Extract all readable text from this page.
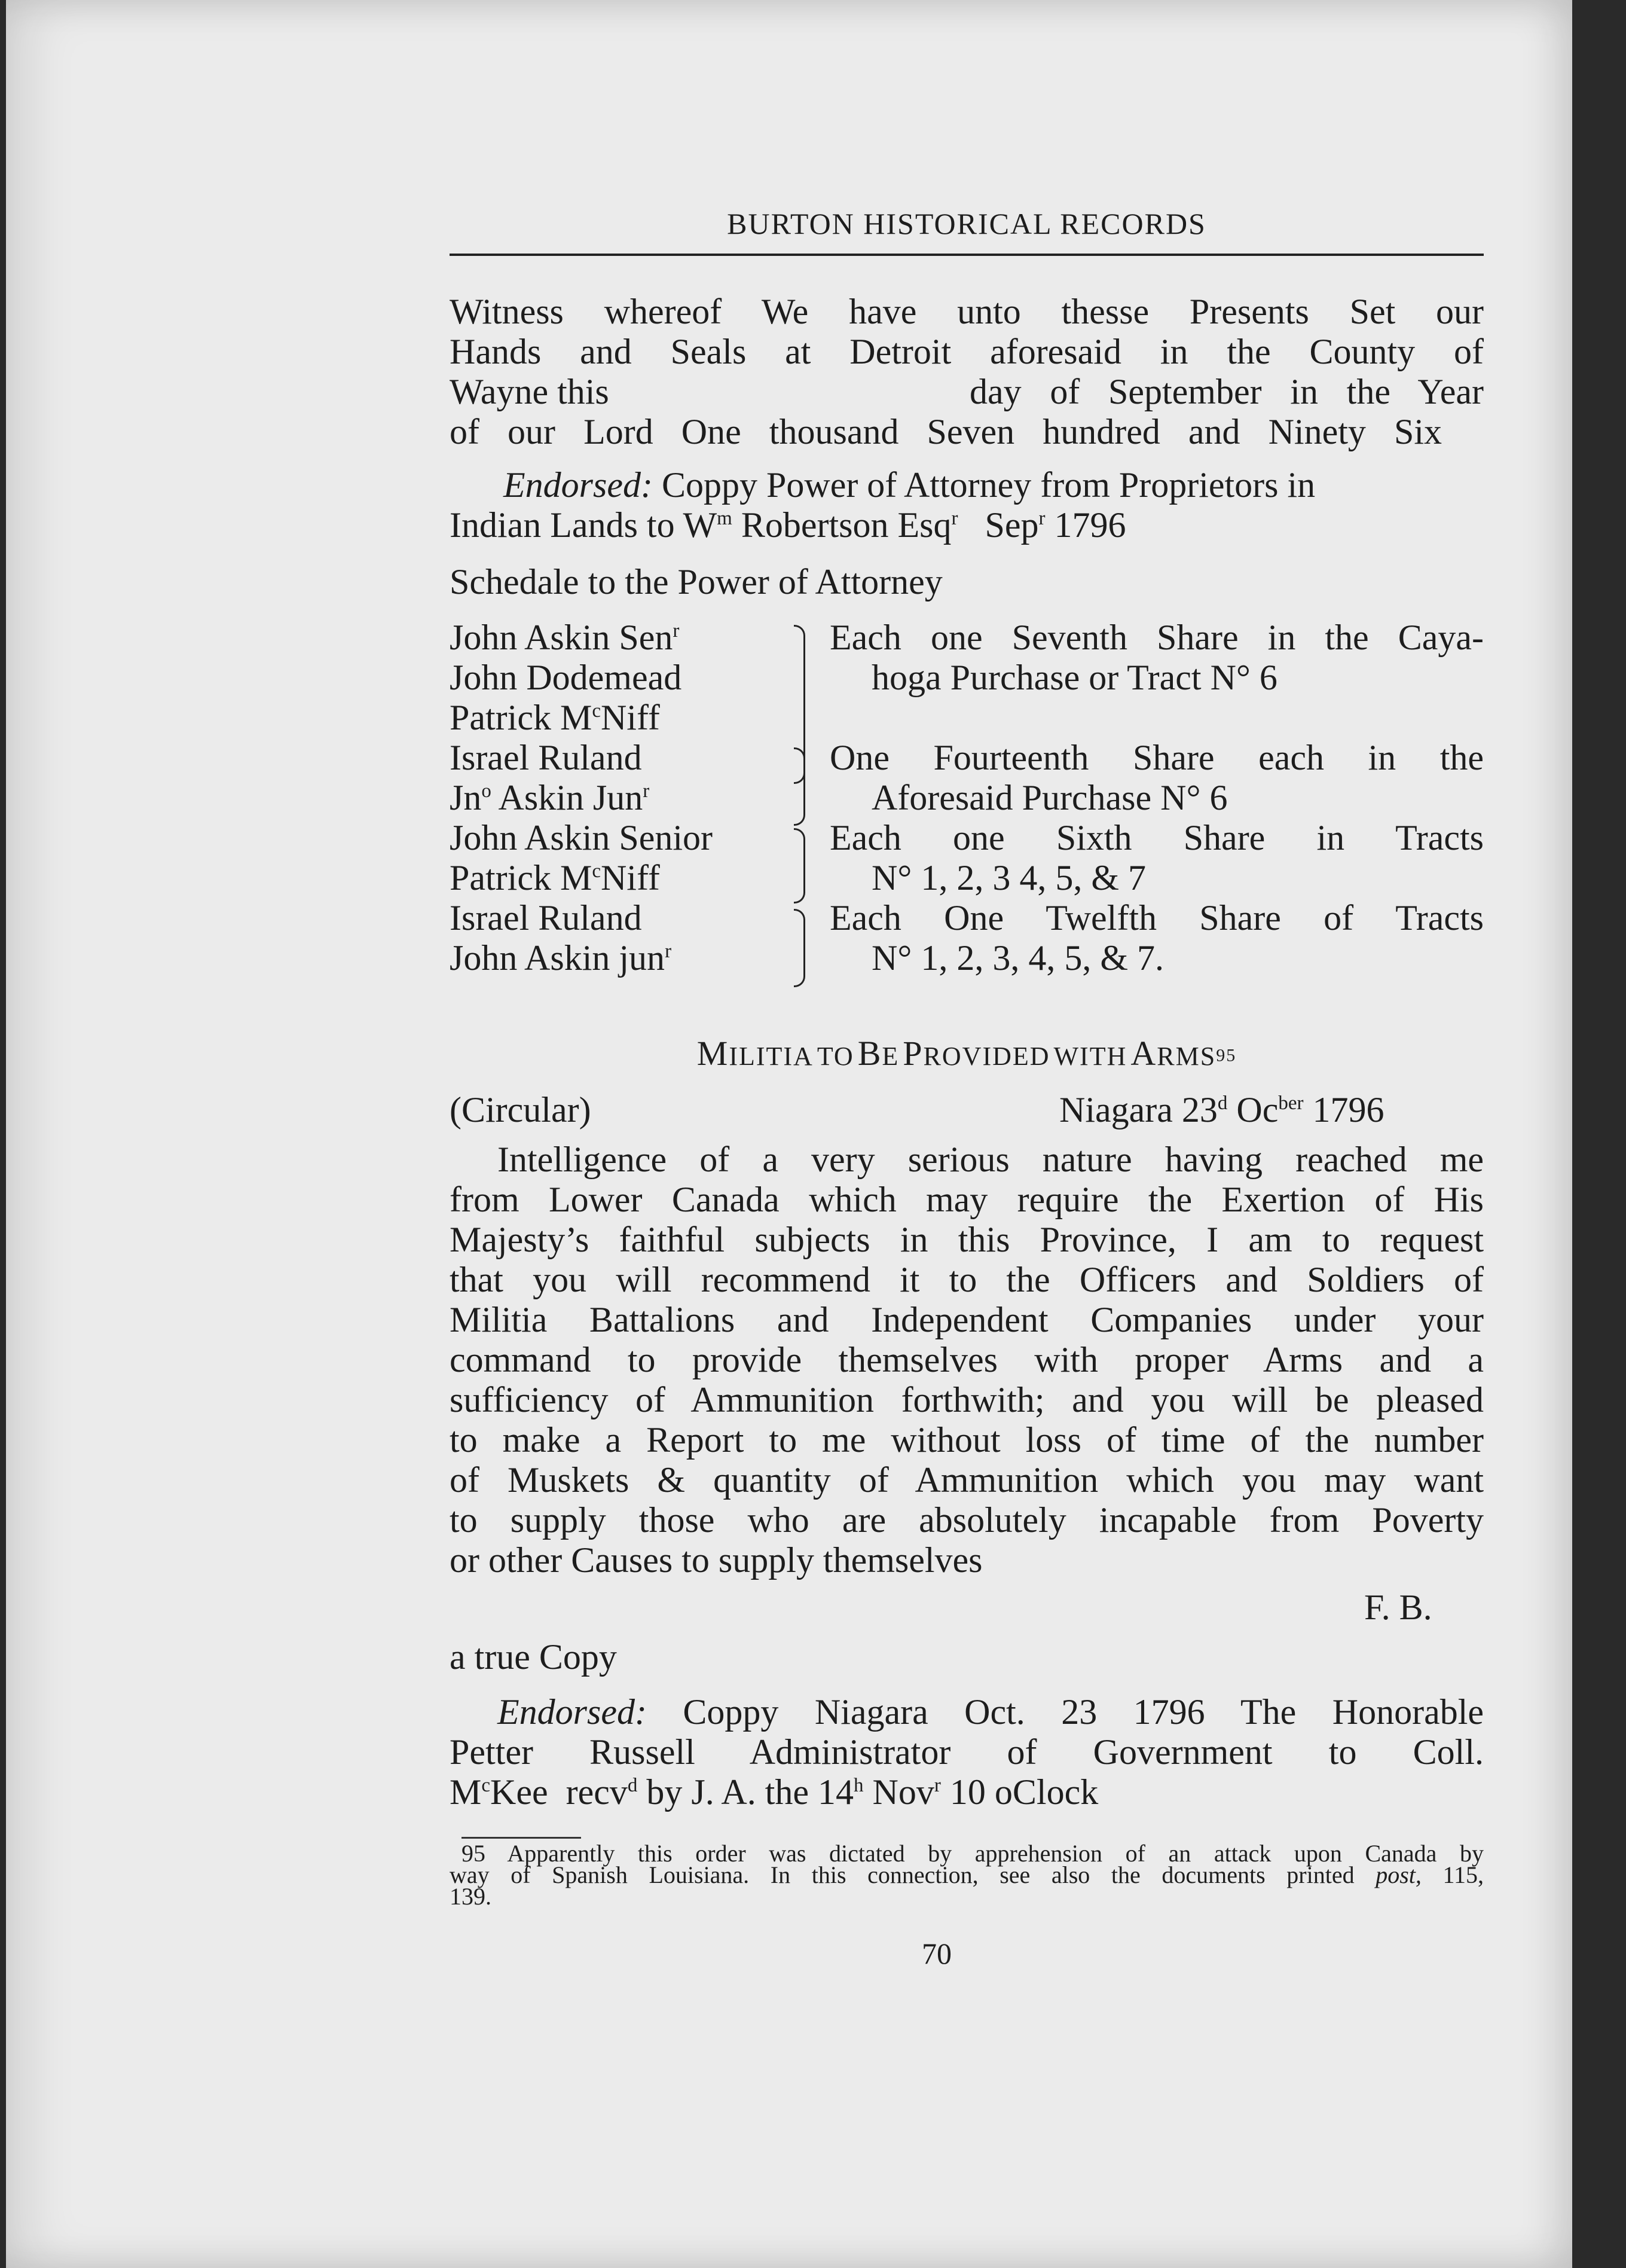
BURTON HISTORICAL RECORDS
Witness whereof We have unto thesse Presents Set our
Hands and Seals at Detroit aforesaid in the County of
Wayne this	day of September in the Year
of our Lord One thousand Seven hundred and Ninety Six
Endorsed: Coppy Power of Attorney from Proprietors in
Indian Lands to $W^m$ Robertson Esq$^r$   Sep$^r$ 1796
Schedale to the Power of Attorney
John Askin Sen$^r$
John Dodemead
Patrick $M^cNiff$
Israel Ruland
Jn$^o$ Askin Jun$^r$
John Askin Senior
Patrick $M^cNiff$
Israel Ruland
John Askin jun$^r$
Each one Seventh Share in the Caya-
hoga Purchase or Tract N° 6
One Fourteenth Share each in the
Aforesaid Purchase N° 6
Each one Sixth Share in Tracts
N° 1, 2, 3 4, 5, & 7
Each One Twelfth Share of Tracts
N° 1, 2, 3, 4, 5, & 7.
MILITIA TO BE PROVIDED WITH ARMS$^{95}$
(Circular)	Niagara 23$^d$ $Oc^{ber}$ 1796
Intelligence of a very serious nature having reached me
from Lower Canada which may require the Exertion of His
Majesty’s faithful subjects in this Province, I am to request
that you will recommend it to the Officers and Soldiers of
Militia Battalions and Independent Companies under your
command to provide themselves with proper Arms and a
sufficiency of Ammunition forthwith; and you will be pleased
to make a Report to me without loss of time of the number
of Muskets & quantity of Ammunition which you may want
to supply those who are absolutely incapable from Poverty
or other Causes to supply themselves
F. B.
a true Copy
Endorsed: Coppy Niagara Oct. 23 1796 The Honorable
Petter Russell Administrator of Government to Coll.
$M^cKee$  recv$^d$ by J. A. the 14$^h$ Nov$^r$ 10 oClock
95 Apparently this order was dictated by apprehension of an attack upon Canada by
way of Spanish Louisiana. In this connection, see also the documents printed post, 115,
139.
70
